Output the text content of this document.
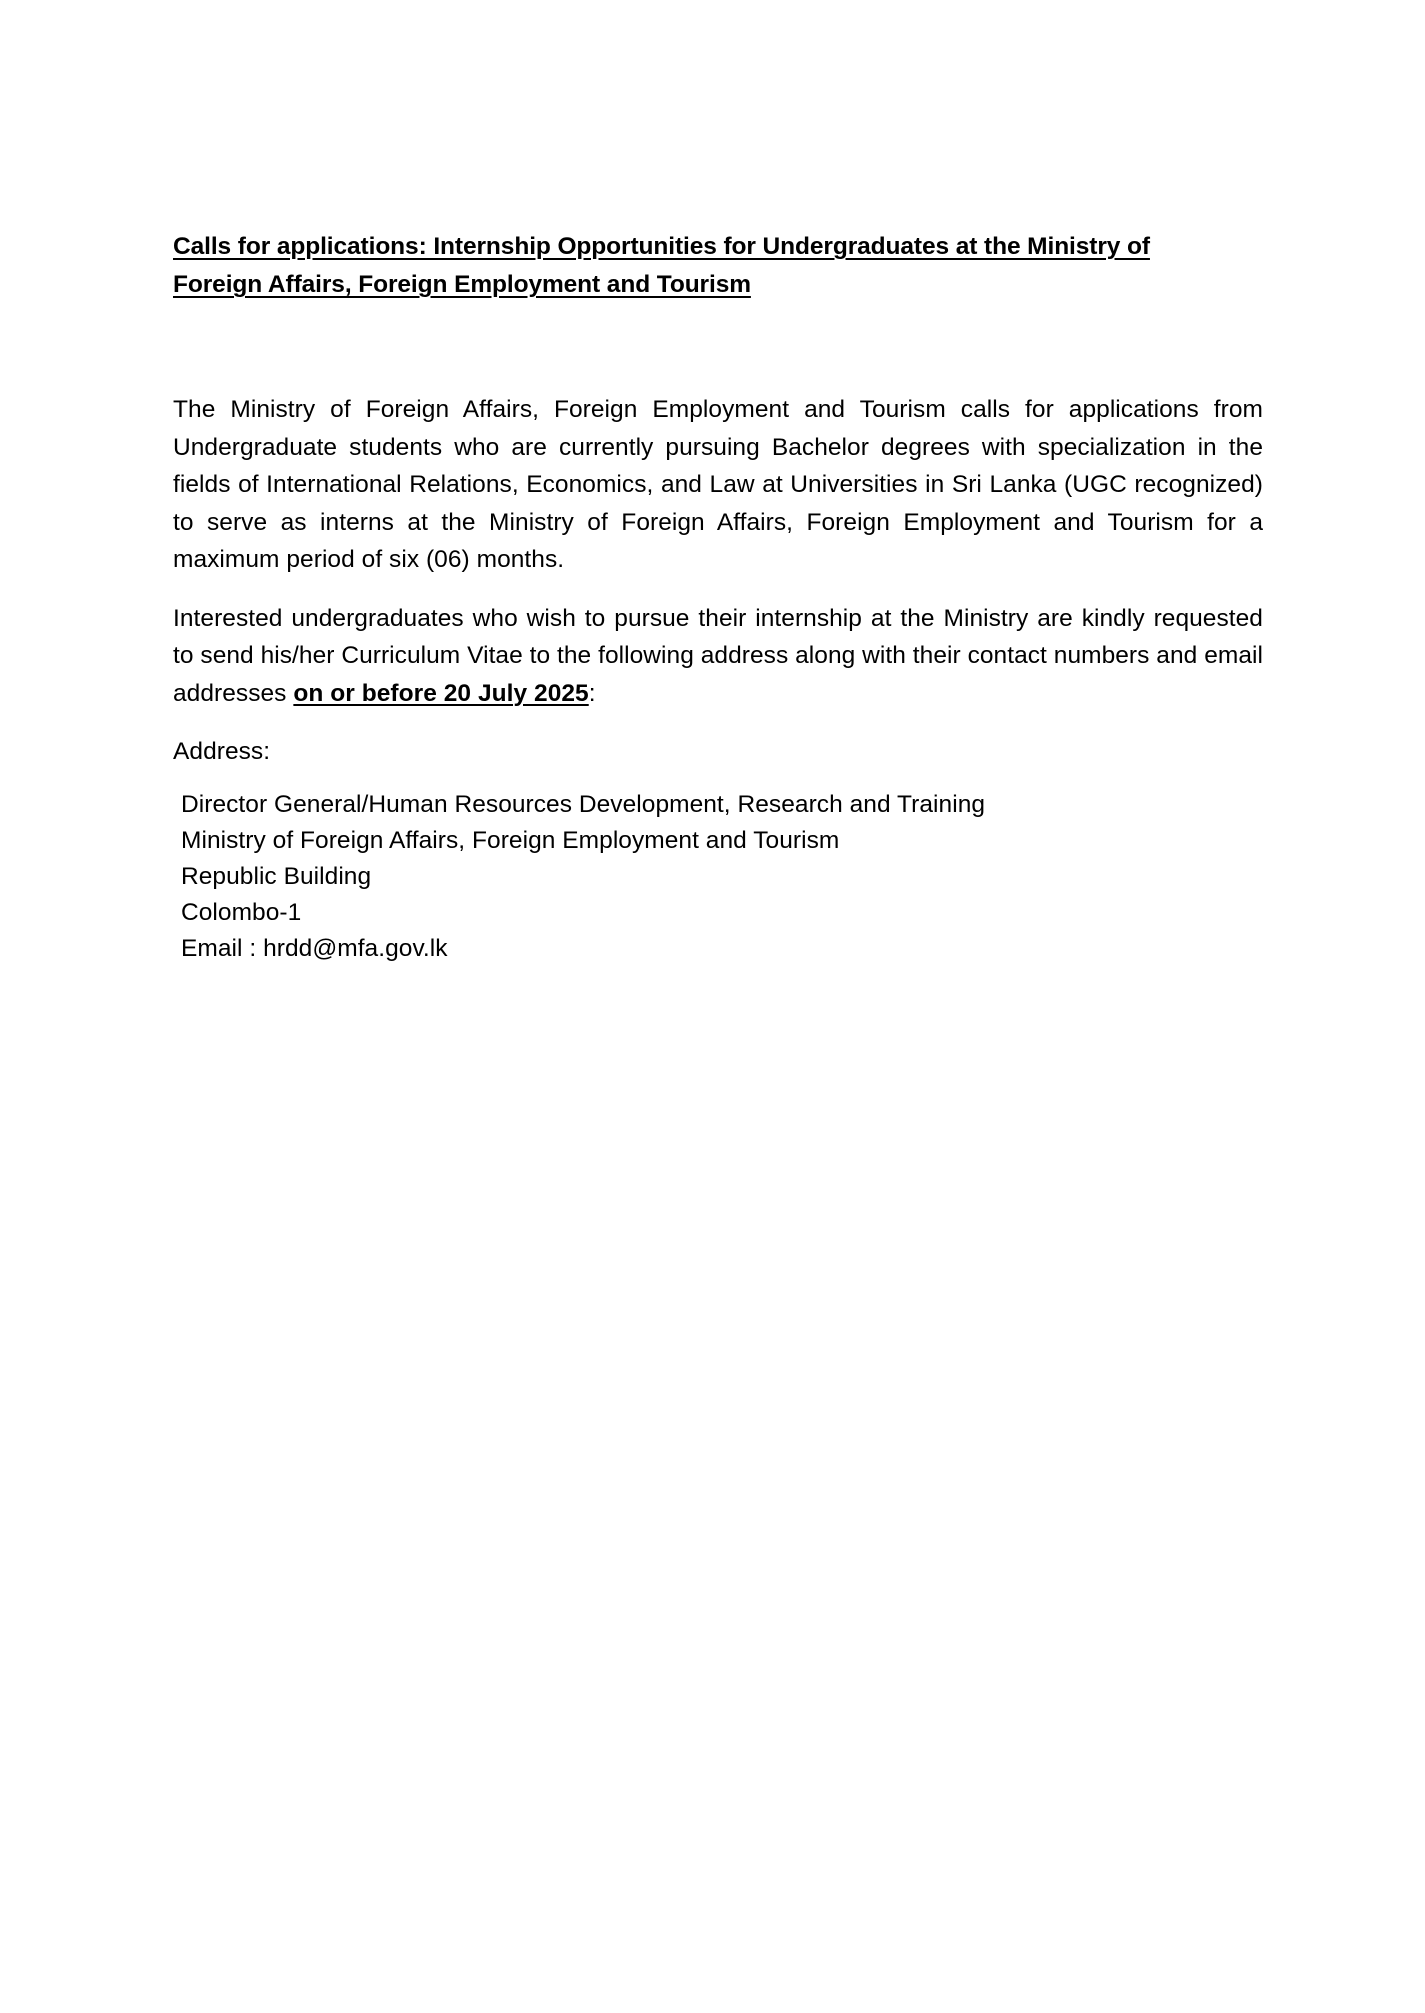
Calls for applications: Internship Opportunities for Undergraduates at the Ministry of
Foreign Affairs, Foreign Employment and Tourism

The Ministry of Foreign Affairs, Foreign Employment and Tourism calls for applications from Undergraduate students who are currently pursuing Bachelor degrees with specialization in the fields of International Relations, Economics, and Law at Universities in Sri Lanka (UGC recognized) to serve as interns at the Ministry of Foreign Affairs, Foreign Employment and Tourism for a maximum period of six (06) months.

Interested undergraduates who wish to pursue their internship at the Ministry are kindly requested to send his/her Curriculum Vitae to the following address along with their contact numbers and email addresses on or before 20 July 2025:

Address:

Director General/Human Resources Development, Research and Training
Ministry of Foreign Affairs, Foreign Employment and Tourism
Republic Building
Colombo-1
Email : hrdd@mfa.gov.lk
